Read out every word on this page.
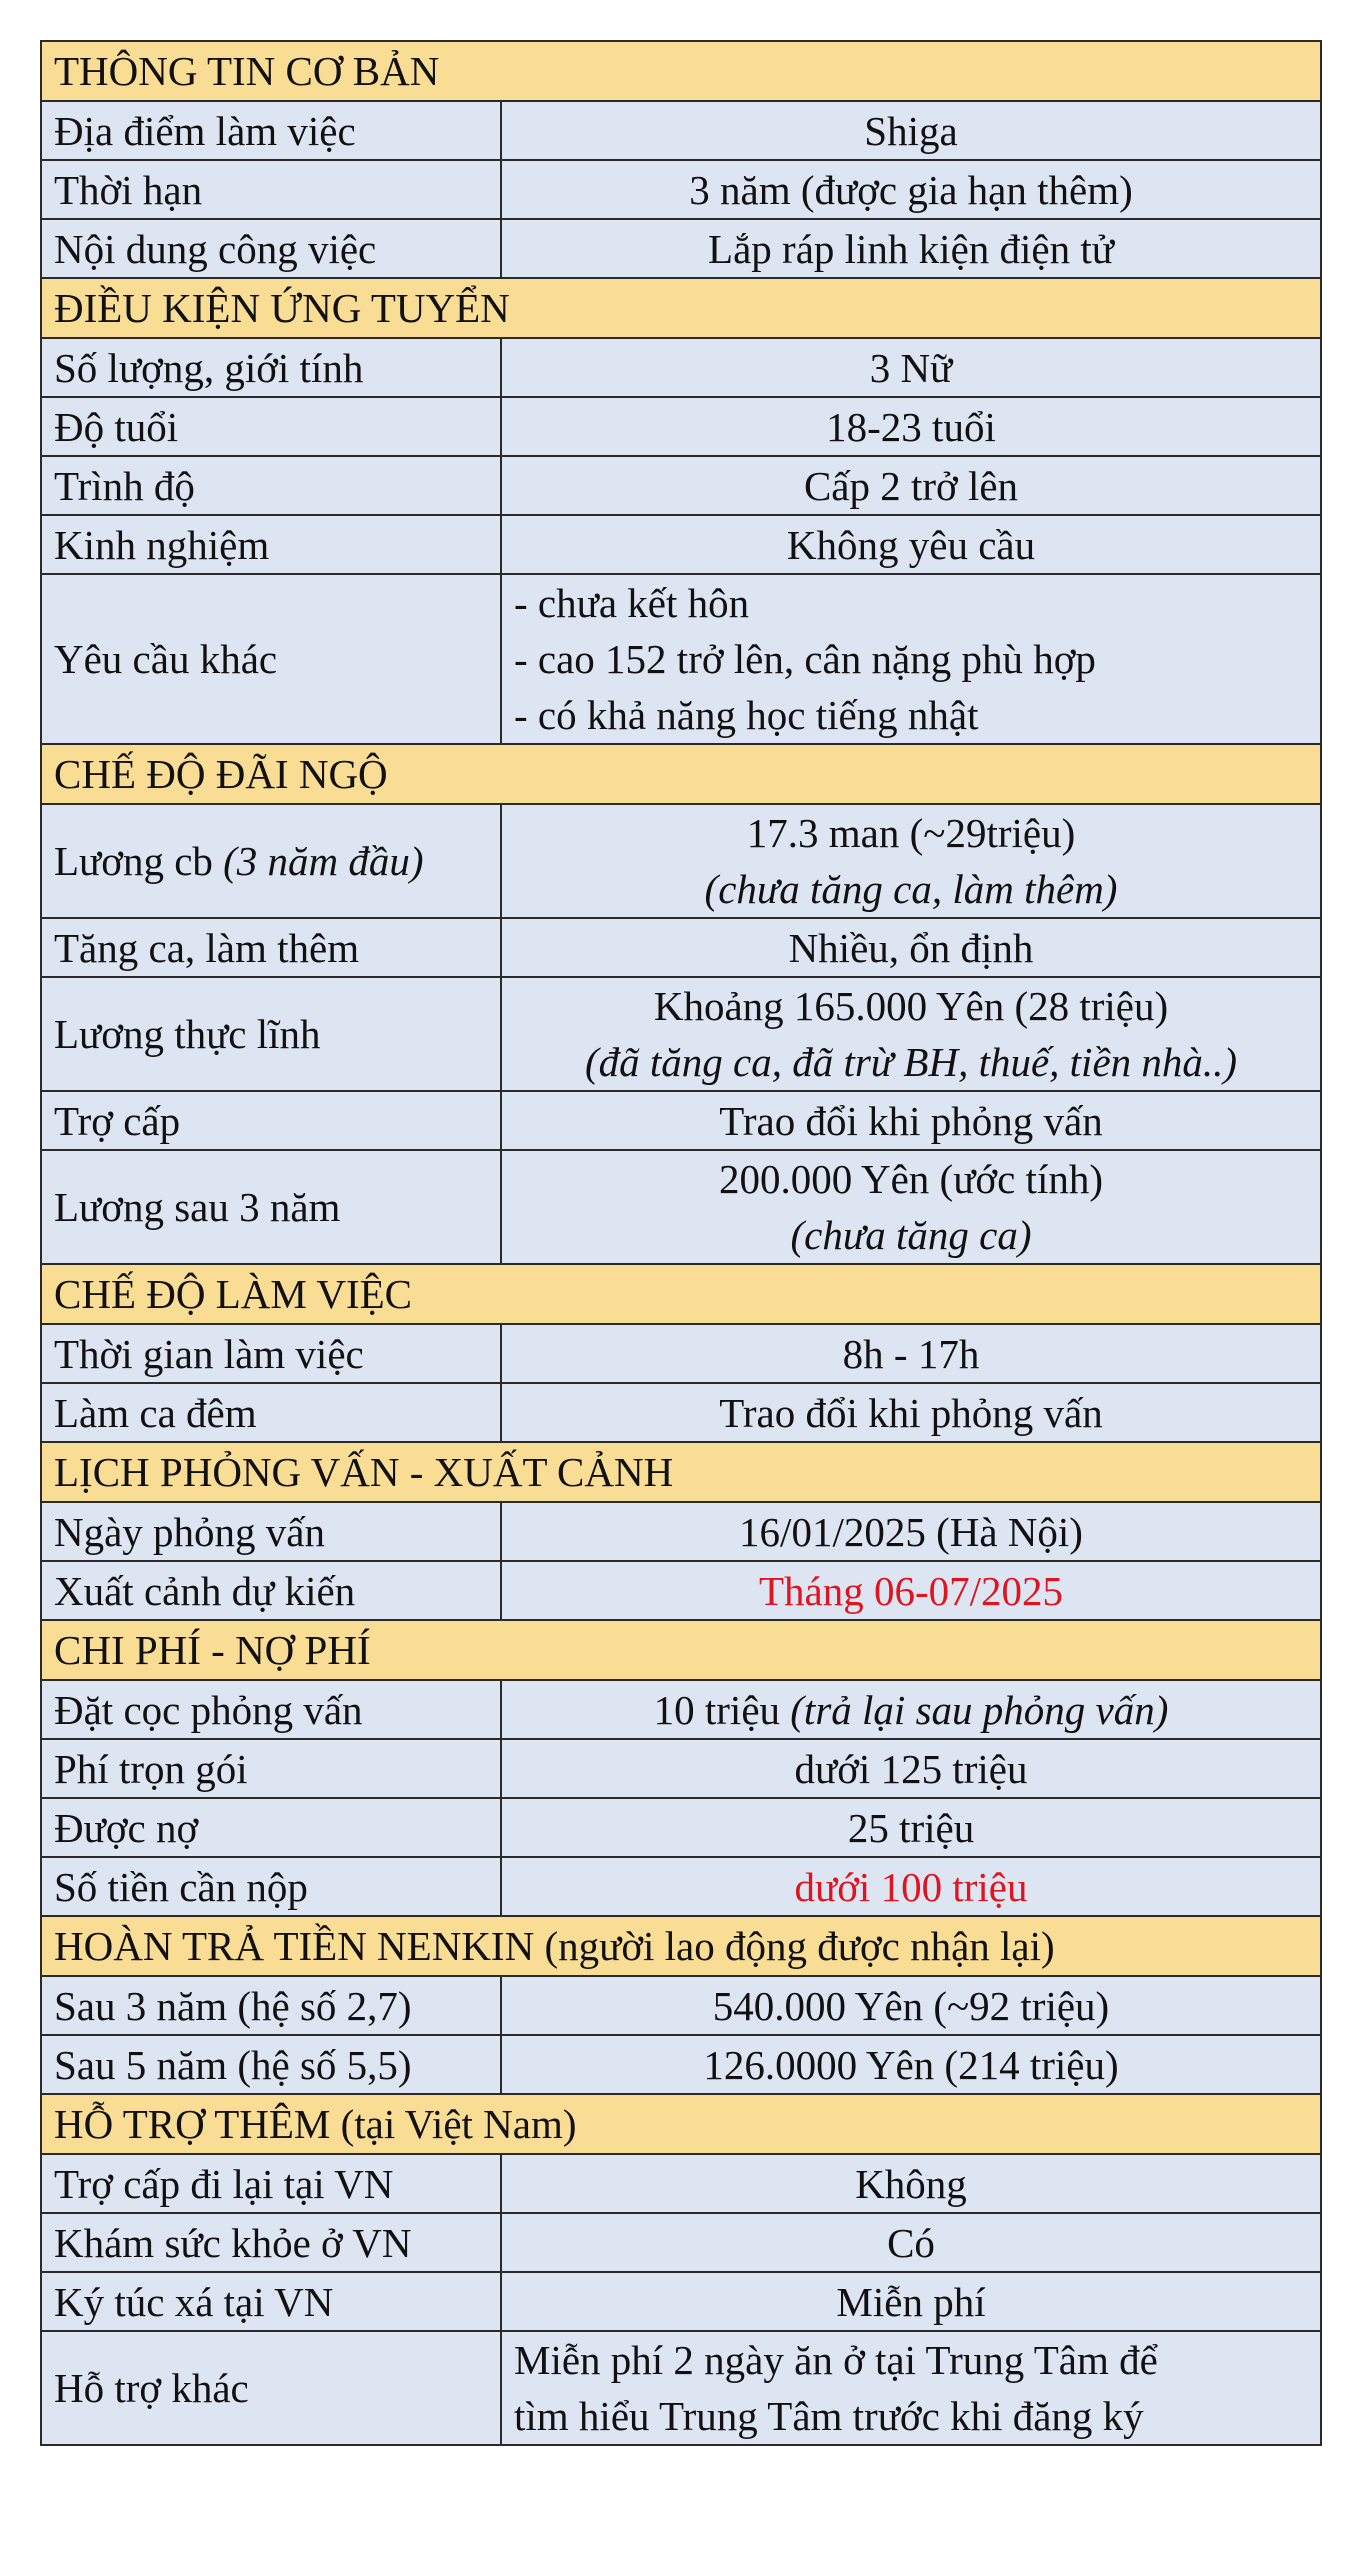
THÔNG TIN CƠ BẢN	
Địa điểm làm việc	Shiga
Thời hạn	3 năm (được gia hạn thêm)
Nội dung công việc	Lắp ráp linh kiện điện tử
ĐIỀU KIỆN ỨNG TUYỂN	
Số lượng, giới tính	3 Nữ
Độ tuổi	18-23 tuổi
Trình độ	Cấp 2 trở lên
Kinh nghiệm	Không yêu cầu
Yêu cầu khác	- chưa kết hôn
- cao 152 trở lên, cân nặng phù hợp
- có khả năng học tiếng nhật

CHẾ ĐỘ ĐÃI NGỘ	
Lương cb (3 năm đầu)	17.3 man (~29triệu)
(chưa tăng ca, làm thêm)

Tăng ca, làm thêm	Nhiều, ổn định
Lương thực lĩnh	Khoảng 165.000 Yên (28 triệu)
(đã tăng ca, đã trừ BH, thuế, tiền nhà..)

Trợ cấp	Trao đổi khi phỏng vấn
Lương sau 3 năm	200.000 Yên (ước tính)
(chưa tăng ca)

CHẾ ĐỘ LÀM VIỆC	
Thời gian làm việc	8h - 17h
Làm ca đêm	Trao đổi khi phỏng vấn
LỊCH PHỎNG VẤN - XUẤT CẢNH	
Ngày phỏng vấn	16/01/2025 (Hà Nội)
Xuất cảnh dự kiến	Tháng 06-07/2025
CHI PHÍ - NỢ PHÍ	
Đặt cọc phỏng vấn	10 triệu (trả lại sau phỏng vấn)
Phí trọn gói	dưới 125 triệu
Được nợ	25 triệu
Số tiền cần nộp	dưới 100 triệu
HOÀN TRẢ TIỀN NENKIN (người lao động được nhận lại)	
Sau 3 năm (hệ số 2,7)	540.000 Yên (~92 triệu)
Sau 5 năm (hệ số 5,5)	126.0000 Yên (214 triệu)
HỖ TRỢ THÊM (tại Việt Nam)	
Trợ cấp đi lại tại VN	Không
Khám sức khỏe ở VN	Có
Ký túc xá tại VN	Miễn phí
Hỗ trợ khác	Miễn phí 2 ngày ăn ở tại Trung Tâm để
tìm hiểu Trung Tâm trước khi đăng ký
